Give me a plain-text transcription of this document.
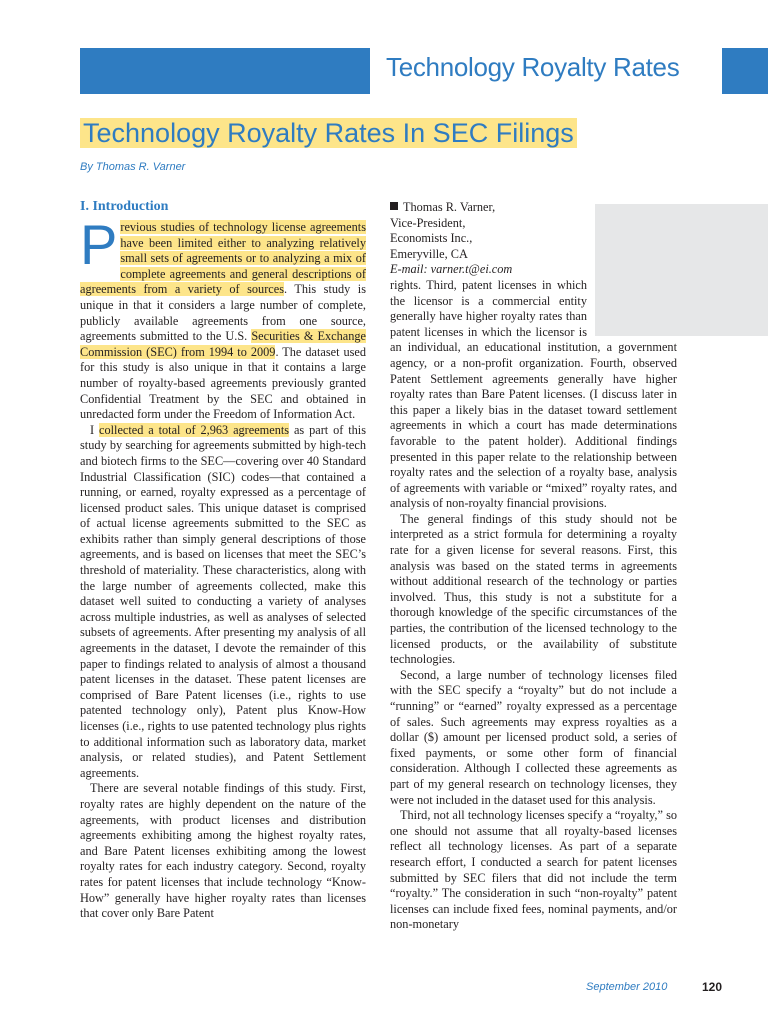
Technology Royalty Rates
Technology Royalty Rates In SEC Filings
By Thomas R. Varner
I. Introduction

Previous studies of technology license agreements have been limited either to analyzing relatively small sets of agreements or to analyzing a mix of complete agreements and general descriptions of agreements from a variety of sources. This study is unique in that it considers a large number of complete, publicly available agreements from one source, agreements submitted to the U.S. Securities & Exchange Commission (SEC) from 1994 to 2009. The dataset used for this study is also unique in that it contains a large number of royalty-based agreements previously granted Confidential Treatment by the SEC and obtained in unredacted form under the Freedom of Information Act.

I collected a total of 2,963 agreements as part of this study by searching for agreements submitted by high-tech and biotech firms to the SEC—covering over 40 Standard Industrial Classification (SIC) codes—that contained a running, or earned, royalty expressed as a percentage of licensed product sales. This unique dataset is comprised of actual license agreements submitted to the SEC as exhibits rather than simply general descriptions of those agreements, and is based on licenses that meet the SEC’s threshold of materiality. These characteristics, along with the large number of agreements collected, make this dataset well suited to conducting a variety of analyses across multiple industries, as well as analyses of selected subsets of agreements. After presenting my analysis of all agreements in the dataset, I devote the remainder of this paper to findings related to analysis of almost a thousand patent licenses in the dataset. These patent licenses are comprised of Bare Patent licenses (i.e., rights to use patented technology only), Patent plus Know-How licenses (i.e., rights to use patented technology plus rights to additional information such as laboratory data, market analysis, or related studies), and Patent Settlement agreements.

There are several notable findings of this study. First, royalty rates are highly dependent on the nature of the agreements, with product licenses and distribution agreements exhibiting among the highest royalty rates, and Bare Patent licenses exhibiting among the lowest royalty rates for each industry category. Second, royalty rates for patent licenses that include technology “Know-How” generally have higher royalty rates than licenses that cover only Bare Patent

Thomas R. Varner,
Vice-President,
Economists Inc.,
Emeryville, CA
E-mail: varner.t@ei.com
rights. Third, patent licenses in which the licensor is a commercial entity generally have higher royalty rates than patent licenses in which the licensor is an individual, an educational institution, a government agency, or a non-profit organization. Fourth, observed Patent Settlement agreements generally have higher royalty rates than Bare Patent licenses. (I discuss later in this paper a likely bias in the dataset toward settlement agreements in which a court has made determinations favorable to the patent holder). Additional findings presented in this paper relate to the relationship between royalty rates and the selection of a royalty base, analysis of agreements with variable or “mixed” royalty rates, and analysis of non-royalty financial provisions.

The general findings of this study should not be interpreted as a strict formula for determining a royalty rate for a given license for several reasons. First, this analysis was based on the stated terms in agreements without additional research of the technology or parties involved. Thus, this study is not a substitute for a thorough knowledge of the specific circumstances of the parties, the contribution of the licensed technology to the licensed products, or the availability of substitute technologies.

Second, a large number of technology licenses filed with the SEC specify a “royalty” but do not include a “running” or “earned” royalty expressed as a percentage of sales. Such agreements may express royalties as a dollar ($) amount per licensed product sold, a series of fixed payments, or some other form of financial consideration. Although I collected these agreements as part of my general research on technology licenses, they were not included in the dataset used for this analysis.

Third, not all technology licenses specify a “royalty,” so one should not assume that all royalty-based licenses reflect all technology licenses. As part of a separate research effort, I conducted a search for patent licenses submitted by SEC filers that did not include the term “royalty.” The consideration in such “non-royalty” patent licenses can include fixed fees, nominal payments, and/or non-monetary

September 2010	120
